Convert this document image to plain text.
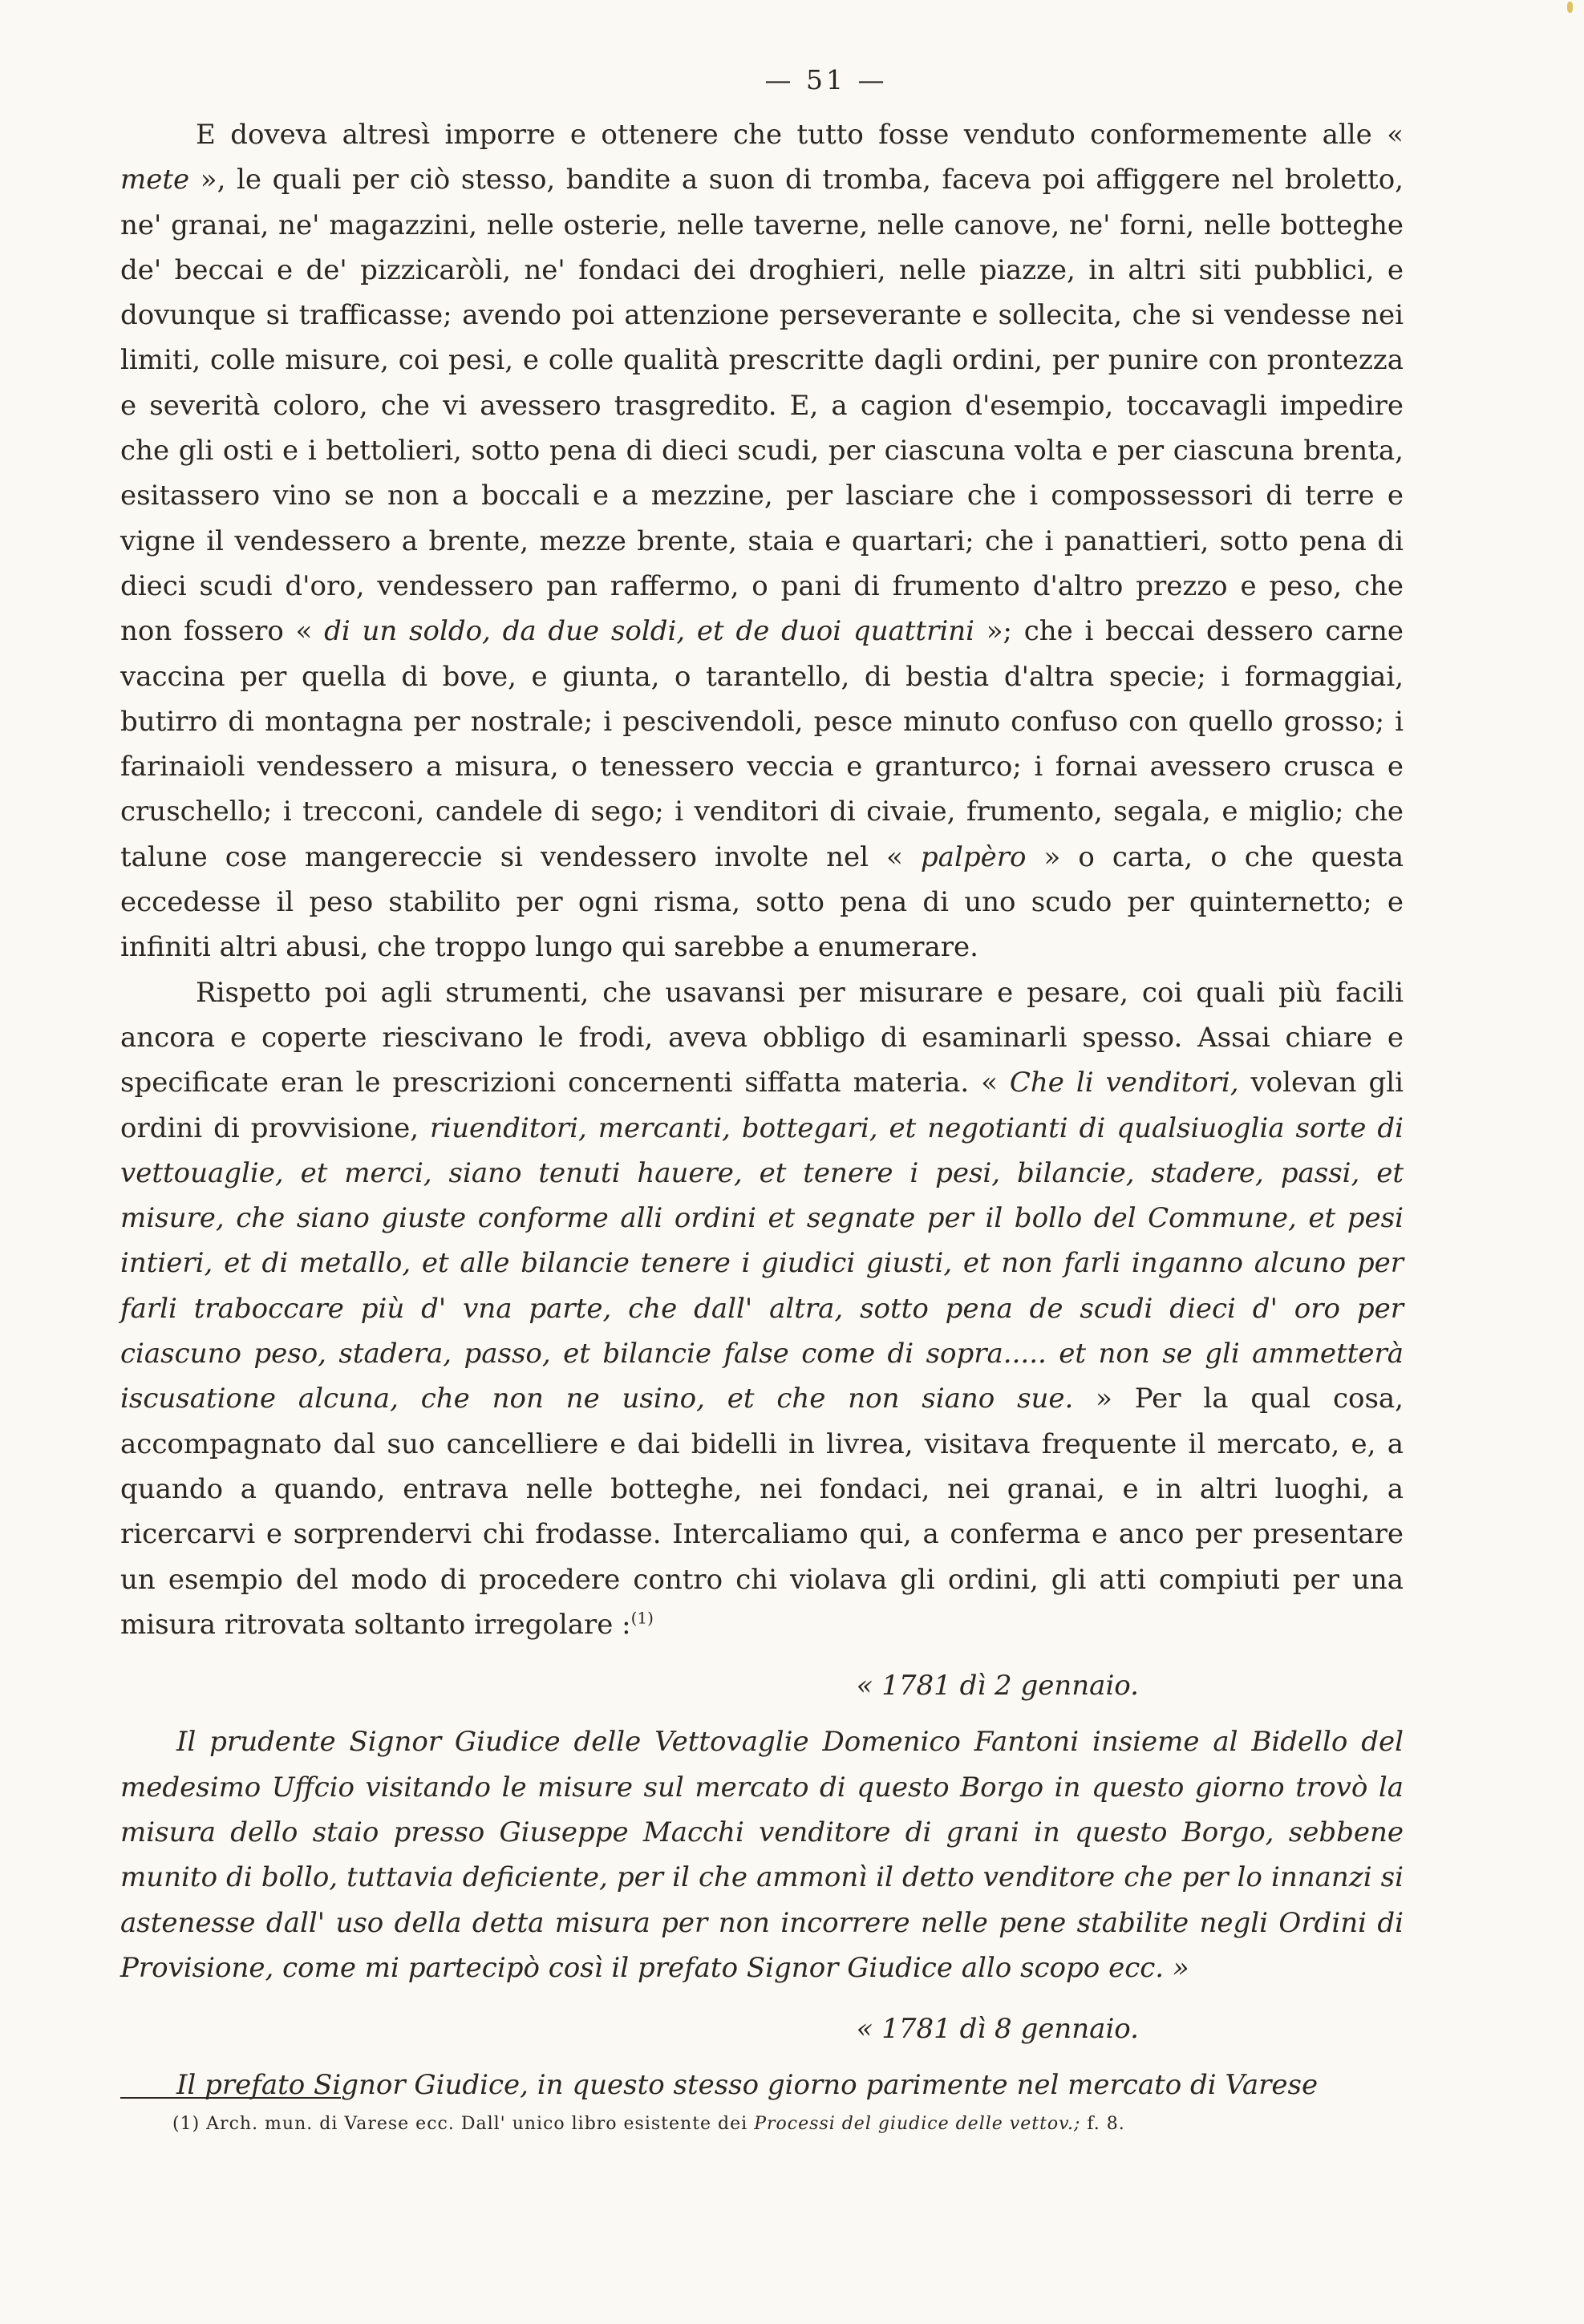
— 51 —

E doveva altresì imporre e ottenere che tutto fosse venduto conformemente alle « mete », le quali per ciò stesso, bandite a suon di tromba, faceva poi affiggere nel broletto, ne' granai, ne' magazzini, nelle osterie, nelle taverne, nelle canove, ne' forni, nelle botteghe de' beccai e de' pizzicaròli, ne' fondaci dei droghieri, nelle piazze, in altri siti pubblici, e dovunque si trafficasse; avendo poi attenzione perseverante e sollecita, che si vendesse nei limiti, colle misure, coi pesi, e colle qualità prescritte dagli ordini, per punire con prontezza e severità coloro, che vi avessero trasgredito. E, a cagion d'esempio, toccavagli impedire che gli osti e i bettolieri, sotto pena di dieci scudi, per ciascuna volta e per ciascuna brenta, esitassero vino se non a boccali e a mezzine, per lasciare che i compossessori di terre e vigne il vendessero a brente, mezze brente, staia e quartari; che i panattieri, sotto pena di dieci scudi d'oro, vendessero pan raffermo, o pani di frumento d'altro prezzo e peso, che non fossero « di un soldo, da due soldi, et de duoi quattrini »; che i beccai dessero carne vaccina per quella di bove, e giunta, o tarantello, di bestia d'altra specie; i formaggiai, butirro di montagna per nostrale; i pescivendoli, pesce minuto confuso con quello grosso; i farinaioli vendessero a misura, o tenessero veccia e granturco; i fornai avessero crusca e cruschello; i trecconi, candele di sego; i venditori di civaie, frumento, segala, e miglio; che talune cose mangereccie si vendessero involte nel « palpèro » o carta, o che questa eccedesse il peso stabilito per ogni risma, sotto pena di uno scudo per quinternetto; e infiniti altri abusi, che troppo lungo qui sarebbe a enumerare.

Rispetto poi agli strumenti, che usavansi per misurare e pesare, coi quali più facili ancora e coperte riescivano le frodi, aveva obbligo di esaminarli spesso. Assai chiare e specificate eran le prescrizioni concernenti siffatta materia. « Che li venditori, volevan gli ordini di provvisione, riuenditori, mercanti, bottegari, et negotianti di qualsiuoglia sorte di vettouaglie, et merci, siano tenuti hauere, et tenere i pesi, bilancie, stadere, passi, et misure, che siano giuste conforme alli ordini et segnate per il bollo del Commune, et pesi intieri, et di metallo, et alle bilancie tenere i giudici giusti, et non farli inganno alcuno per farli traboccare più d' vna parte, che dall' altra, sotto pena de scudi dieci d' oro per ciascuno peso, stadera, passo, et bilancie false come di sopra..... et non se gli ammetterà iscusatione alcuna, che non ne usino, et che non siano sue. » Per la qual cosa, accompagnato dal suo cancelliere e dai bidelli in livrea, visitava frequente il mercato, e, a quando a quando, entrava nelle botteghe, nei fondaci, nei granai, e in altri luoghi, a ricercarvi e sorprendervi chi frodasse. Intercaliamo qui, a conferma e anco per presentare un esempio del modo di procedere contro chi violava gli ordini, gli atti compiuti per una misura ritrovata soltanto irregolare :$^{(1)}$

« 1781 dì 2 gennaio.

Il prudente Signor Giudice delle Vettovaglie Domenico Fantoni insieme al Bidello del medesimo Uffcio visitando le misure sul mercato di questo Borgo in questo giorno trovò la misura dello staio presso Giuseppe Macchi venditore di grani in questo Borgo, sebbene munito di bollo, tuttavia deficiente, per il che ammonì il detto venditore che per lo innanzi si astenesse dall' uso della detta misura per non incorrere nelle pene stabilite negli Ordini di Provisione, come mi partecipò così il prefato Signor Giudice allo scopo ecc. »

« 1781 dì 8 gennaio.

Il prefato Signor Giudice, in questo stesso giorno parimente nel mercato di Varese

(1) Arch. mun. di Varese ecc. Dall' unico libro esistente dei Processi del giudice delle vettov.; f. 8.
